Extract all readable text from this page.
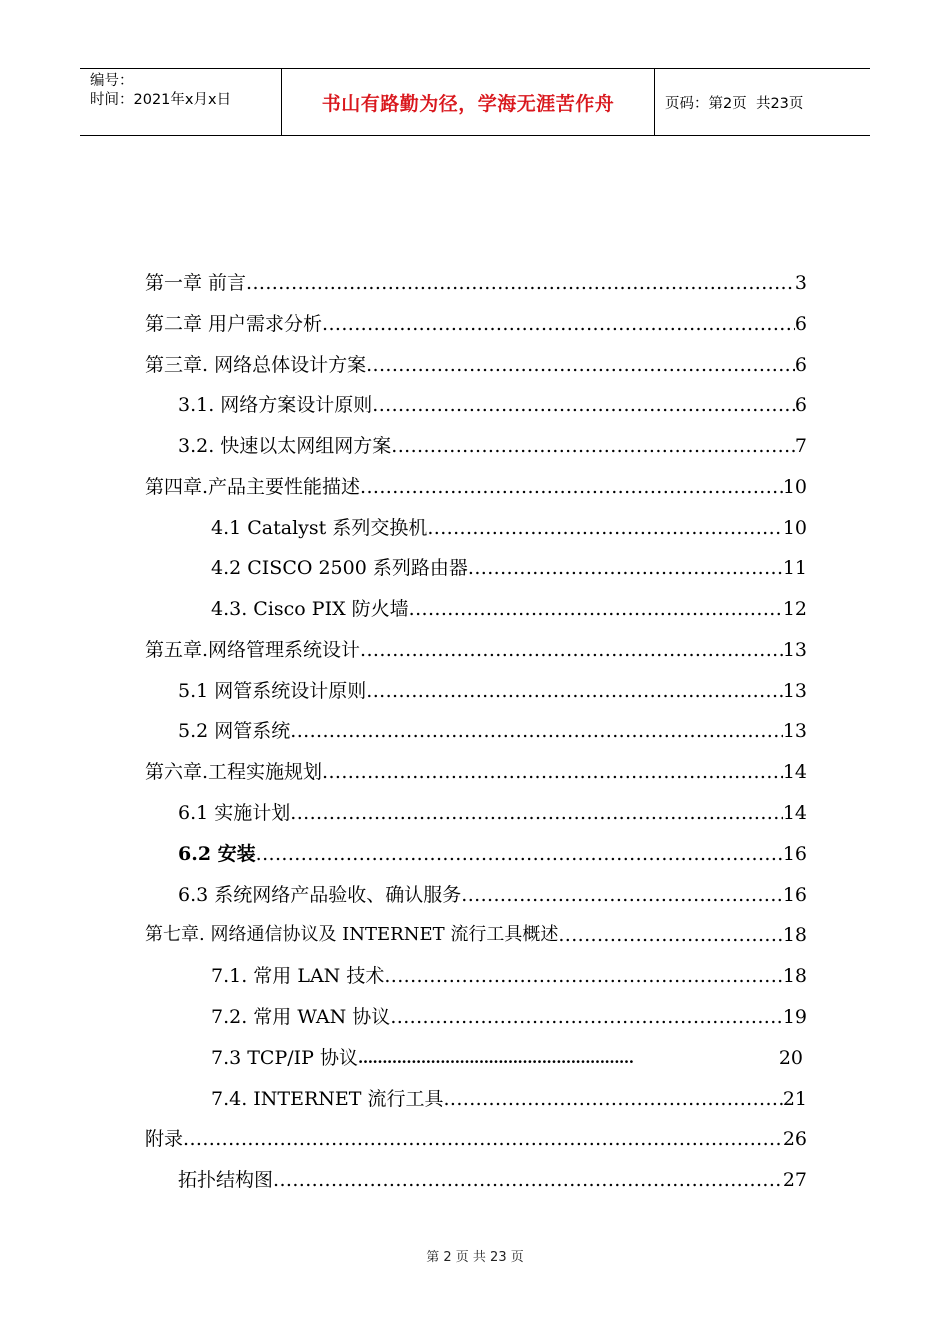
编号：
时间：2021年x月x日	书山有路勤为径，学海无涯苦作舟	页码：第2页  共23页
第一章 前言 .....	3
第二章 用户需求分析 .....	6
第三章. 网络总体设计方案 .....	6
3.1. 网络方案设计原则 .....	6
3.2. 快速以太网组网方案 .....	7
第四章.产品主要性能描述 .....	10
4.1 Catalyst 系列交换机 .....	10
4.2 CISCO 2500 系列路由器 .....	11
4.3. Cisco PIX 防火墙 .....	12
第五章.网络管理系统设计 .....	13
5.1 网管系统设计原则 .....	13
5.2 网管系统 .....	13
第六章.工程实施规划 .....	14
6.1 实施计划 .....	14
6.2 安装 .....	16
6.3 系统网络产品验收、确认服务 .....	16
第七章. 网络通信协议及 INTERNET 流行工具概述 .....	18
7.1. 常用 LAN 技术 .....	18
7.2. 常用 WAN 协议 .....	19
7.3 TCP/IP 协议 …………………………………………………	20
7.4. INTERNET 流行工具 .....	21
附录 .....	26
拓扑结构图 .....	27
第 2 页 共 23 页
